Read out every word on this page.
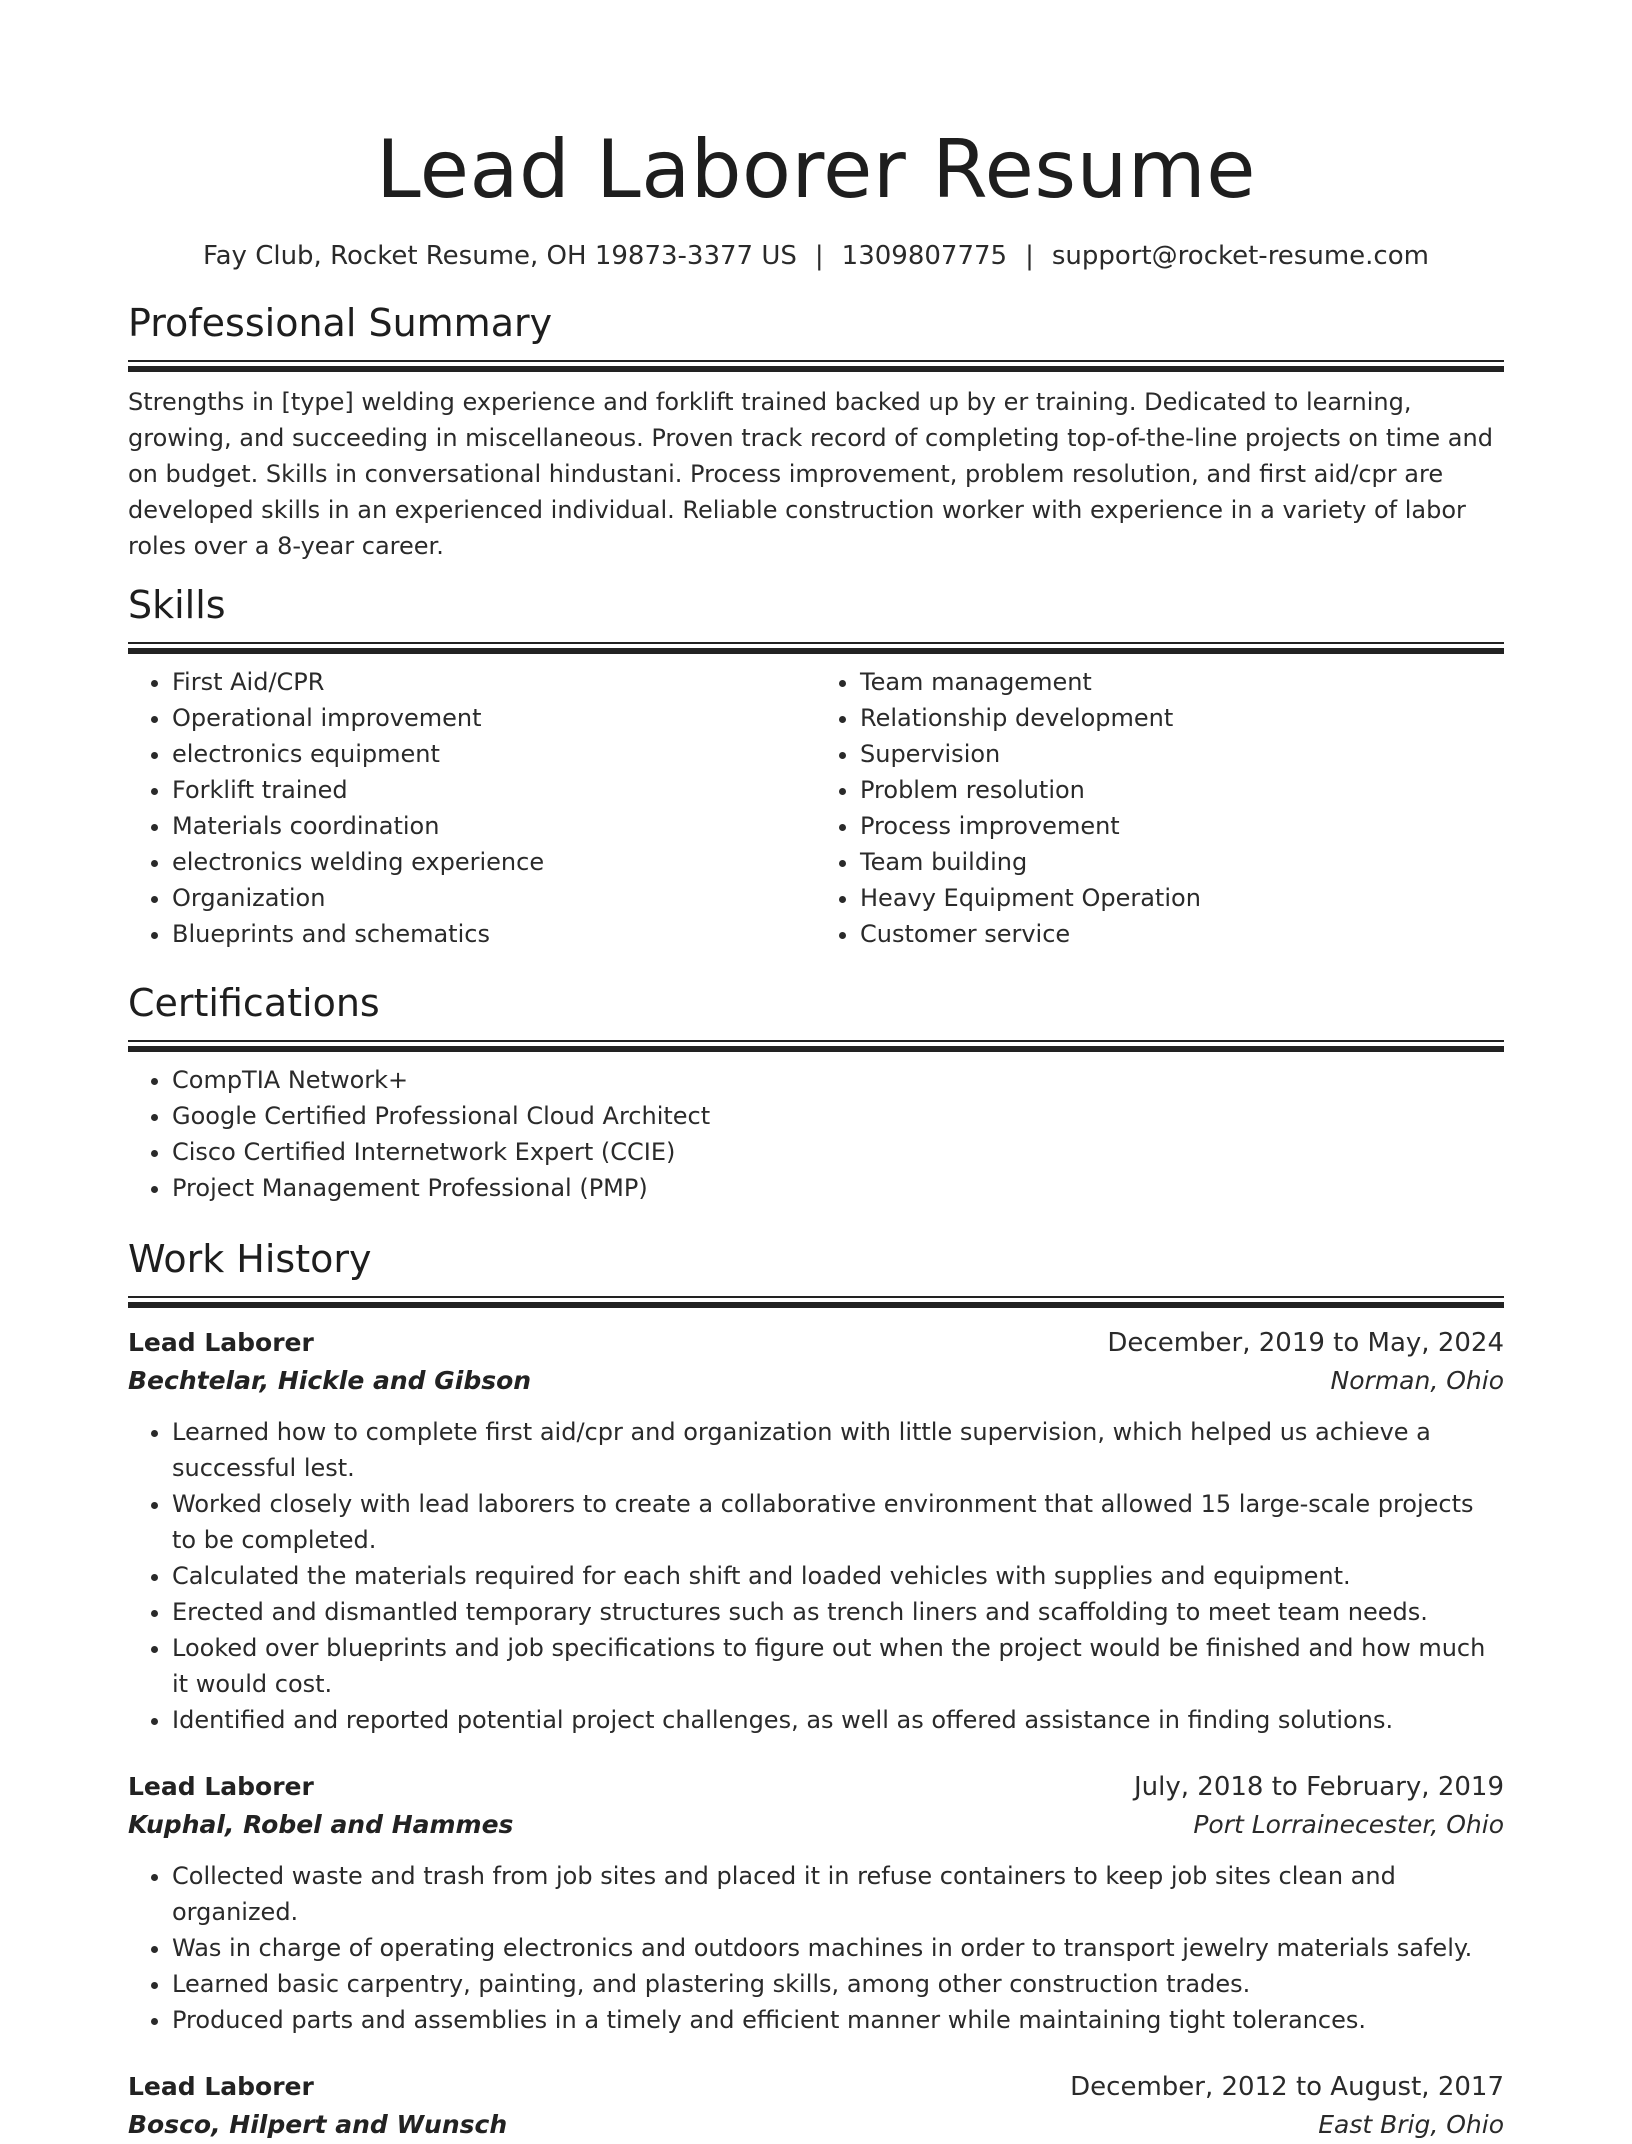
Lead Laborer Resume
Fay Club, Rocket Resume, OH 19873-3377 US | 1309807775 | support@rocket-resume.com
Professional Summary

Strengths in [type] welding experience and forklift trained backed up by er training. Dedicated to learning, growing, and succeeding in miscellaneous. Proven track record of completing top-of-the-line projects on time and on budget. Skills in conversational hindustani. Process improvement, problem resolution, and first aid/cpr are developed skills in an experienced individual. Reliable construction worker with experience in a variety of labor roles over a 8-year career.

Skills
• First Aid/CPR
• Operational improvement
• electronics equipment
• Forklift trained
• Materials coordination
• electronics welding experience
• Organization
• Blueprints and schematics
• Team management
• Relationship development
• Supervision
• Problem resolution
• Process improvement
• Team building
• Heavy Equipment Operation
• Customer service
Certifications
• CompTIA Network+
• Google Certified Professional Cloud Architect
• Cisco Certified Internetwork Expert (CCIE)
• Project Management Professional (PMP)
Work History
Lead Laborer	December, 2019 to May, 2024
Bechtelar, Hickle and Gibson	Norman, Ohio
• Learned how to complete first aid/cpr and organization with little supervision, which helped us achieve a successful lest.
• Worked closely with lead laborers to create a collaborative environment that allowed 15 large-scale projects to be completed.
• Calculated the materials required for each shift and loaded vehicles with supplies and equipment.
• Erected and dismantled temporary structures such as trench liners and scaffolding to meet team needs.
• Looked over blueprints and job specifications to figure out when the project would be finished and how much it would cost.
• Identified and reported potential project challenges, as well as offered assistance in finding solutions.
Lead Laborer	July, 2018 to February, 2019
Kuphal, Robel and Hammes	Port Lorrainecester, Ohio
• Collected waste and trash from job sites and placed it in refuse containers to keep job sites clean and organized.
• Was in charge of operating electronics and outdoors machines in order to transport jewelry materials safely.
• Learned basic carpentry, painting, and plastering skills, among other construction trades.
• Produced parts and assemblies in a timely and efficient manner while maintaining tight tolerances.
Lead Laborer	December, 2012 to August, 2017
Bosco, Hilpert and Wunsch	East Brig, Ohio
